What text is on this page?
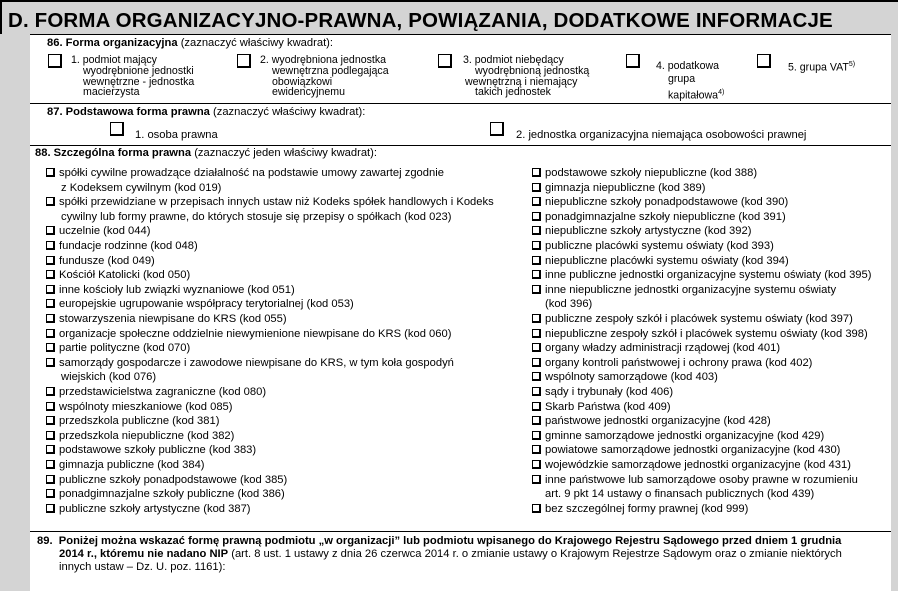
D. FORMA ORGANIZACYJNO-PRAWNA, POWIĄZANIA, DODATKOWE INFORMACJE
86. Forma organizacyjna (zaznaczyć właściwy kwadrat):
1. podmiot mający
wyodrębnione jednostki
wewnętrzne - jednostka
macierzysta
2. wyodrębniona jednostka
wewnętrzna podlegająca
obowiązkowi
ewidencyjnemu
3. podmiot niebędący
wyodrębnioną jednostką
wewnętrzną i niemający
takich jednostek
4. podatkowa
grupa
kapitałowa$^{4)}$
5. grupa VAT$^{5)}$
87. Podstawowa forma prawna (zaznaczyć właściwy kwadrat):
1. osoba prawna	2. jednostka organizacyjna niemająca osobowości prawnej
88. Szczególna forma prawna (zaznaczyć jeden właściwy kwadrat):
spółki cywilne prowadzące działalność na podstawie umowy zawartej zgodnie
z Kodeksem cywilnym (kod 019)
spółki przewidziane w przepisach innych ustaw niż Kodeks spółek handlowych i Kodeks
cywilny lub formy prawne, do których stosuje się przepisy o spółkach (kod 023)
uczelnie (kod 044)
fundacje rodzinne (kod 048)
fundusze (kod 049)
Kościół Katolicki (kod 050)
inne kościoły lub związki wyznaniowe (kod 051)
europejskie ugrupowanie współpracy terytorialnej (kod 053)
stowarzyszenia niewpisane do KRS (kod 055)
organizacje społeczne oddzielnie niewymienione niewpisane do KRS (kod 060)
partie polityczne (kod 070)
samorządy gospodarcze i zawodowe niewpisane do KRS, w tym koła gospodyń
wiejskich (kod 076)
przedstawicielstwa zagraniczne (kod 080)
wspólnoty mieszkaniowe (kod 085)
przedszkola publiczne (kod 381)
przedszkola niepubliczne (kod 382)
podstawowe szkoły publiczne (kod 383)
gimnazja publiczne (kod 384)
publiczne szkoły ponadpodstawowe (kod 385)
ponadgimnazjalne szkoły publiczne (kod 386)
publiczne szkoły artystyczne (kod 387)
podstawowe szkoły niepubliczne (kod 388)
gimnazja niepubliczne (kod 389)
niepubliczne szkoły ponadpodstawowe (kod 390)
ponadgimnazjalne szkoły niepubliczne (kod 391)
niepubliczne szkoły artystyczne (kod 392)
publiczne placówki systemu oświaty (kod 393)
niepubliczne placówki systemu oświaty (kod 394)
inne publiczne jednostki organizacyjne systemu oświaty (kod 395)
inne niepubliczne jednostki organizacyjne systemu oświaty
(kod 396)
publiczne zespoły szkół i placówek systemu oświaty (kod 397)
niepubliczne zespoły szkół i placówek systemu oświaty (kod 398)
organy władzy administracji rządowej (kod 401)
organy kontroli państwowej i ochrony prawa (kod 402)
wspólnoty samorządowe (kod 403)
sądy i trybunały (kod 406)
Skarb Państwa (kod 409)
państwowe jednostki organizacyjne (kod 428)
gminne samorządowe jednostki organizacyjne (kod 429)
powiatowe samorządowe jednostki organizacyjne (kod 430)
wojewódzkie samorządowe jednostki organizacyjne (kod 431)
inne państwowe lub samorządowe osoby prawne w rozumieniu
art. 9 pkt 14 ustawy o finansach publicznych (kod 439)
bez szczególnej formy prawnej (kod 999)
89. Poniżej można wskazać formę prawną podmiotu „w organizacji” lub podmiotu wpisanego do Krajowego Rejestru Sądowego przed dniem 1 grudnia
2014 r., któremu nie nadano NIP (art. 8 ust. 1 ustawy z dnia 26 czerwca 2014 r. o zmianie ustawy o Krajowym Rejestrze Sądowym oraz o zmianie niektórych
innych ustaw – Dz. U. poz. 1161):
